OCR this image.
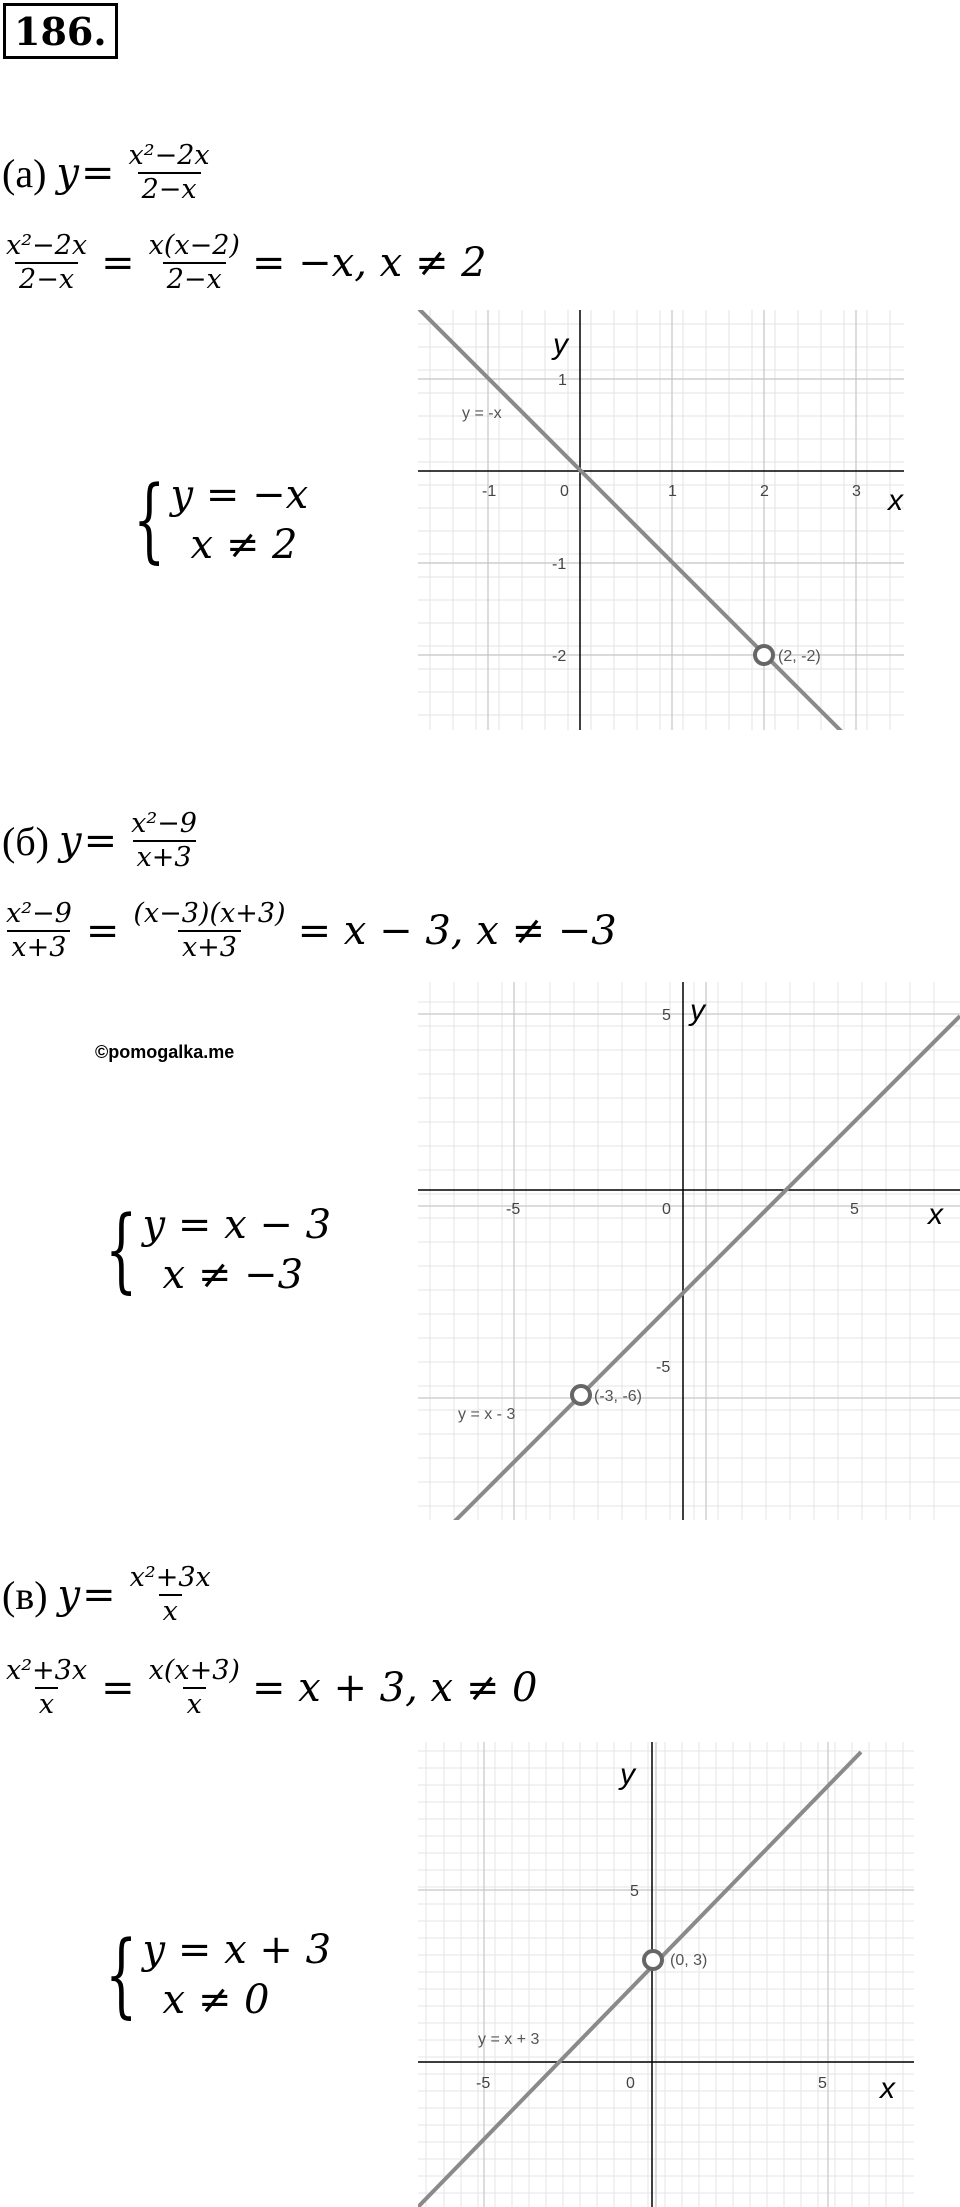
186.
(а) $y = \frac{\text{x²−2x}}{2-x}$
$\frac{\text{x²−2x}}{2-x} = \frac{x(x-2)}{2-x} = -x$, x ≠ 2
{ y = −x
x ≠ 2
x
y
-1	0	1	2	3
1
-1
-2
y = -x
(2, -2)
(б) $y = \frac{\text{x²−9}}{x+3}$
$\frac{\text{x²−9}}{x+3} = \frac{(x-3)(x+3)}{x+3} = x - 3$, x ≠ −3
©pomogalka.me
{ y = x − 3
x ≠ −3
x
y
-5	0	5
5
-5
y = x - 3
(-3, -6)
(в) $y = \frac{\text{x²+3x}}{x}$
$\frac{\text{x²+3x}}{x} = \frac{x(x+3)}{x} = x + 3$, x ≠ 0
{ y = x + 3
x ≠ 0
x
y
-5	0	5
5
y = x + 3
(0, 3)
